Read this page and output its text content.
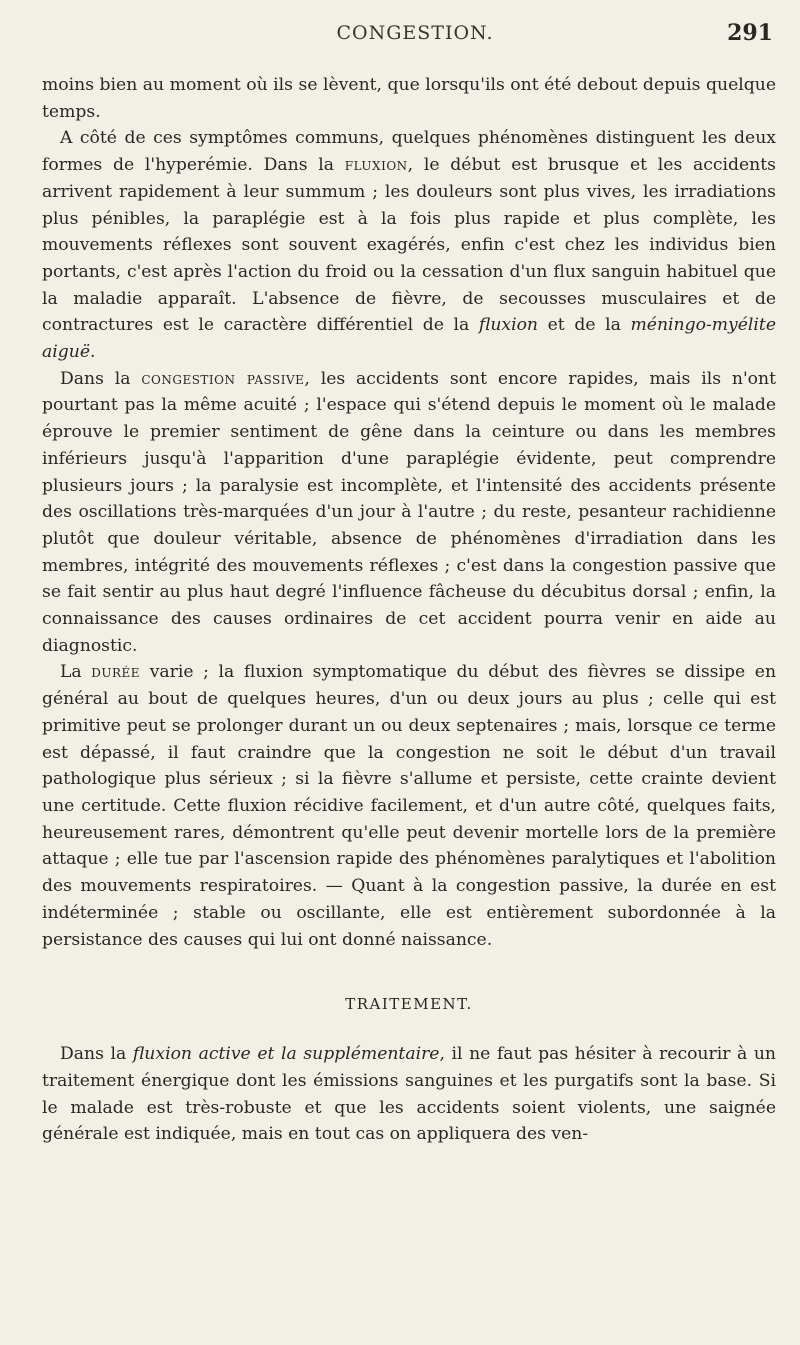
CONGESTION.	291

moins bien au moment où ils se lèvent, que lorsqu'ils ont été debout depuis quelque temps.

A côté de ces symptômes communs, quelques phénomènes distinguent les deux formes de l'hyperémie. Dans la fluxion, le début est brusque et les accidents arrivent rapidement à leur summum ; les douleurs sont plus vives, les irradiations plus pénibles, la paraplégie est à la fois plus rapide et plus complète, les mouvements réflexes sont souvent exagérés, enfin c'est chez les individus bien portants, c'est après l'action du froid ou la cessation d'un flux sanguin habituel que la maladie apparaît. L'absence de fièvre, de secousses musculaires et de contractures est le caractère différentiel de la fluxion et de la méningo-myélite aiguë.

Dans la congestion passive, les accidents sont encore rapides, mais ils n'ont pourtant pas la même acuité ; l'espace qui s'étend depuis le moment où le malade éprouve le premier sentiment de gêne dans la ceinture ou dans les membres inférieurs jusqu'à l'apparition d'une paraplégie évidente, peut comprendre plusieurs jours ; la paralysie est incomplète, et l'intensité des accidents présente des oscillations très-marquées d'un jour à l'autre ; du reste, pesanteur rachidienne plutôt que douleur véritable, absence de phénomènes d'irradiation dans les membres, intégrité des mouvements réflexes ; c'est dans la congestion passive que se fait sentir au plus haut degré l'influence fâcheuse du décubitus dorsal ; enfin, la connaissance des causes ordinaires de cet accident pourra venir en aide au diagnostic.

La durée varie ; la fluxion symptomatique du début des fièvres se dissipe en général au bout de quelques heures, d'un ou deux jours au plus ; celle qui est primitive peut se prolonger durant un ou deux septenaires ; mais, lorsque ce terme est dépassé, il faut craindre que la congestion ne soit le début d'un travail pathologique plus sérieux ; si la fièvre s'allume et persiste, cette crainte devient une certitude. Cette fluxion récidive facilement, et d'un autre côté, quelques faits, heureusement rares, démontrent qu'elle peut devenir mortelle lors de la première attaque ; elle tue par l'ascension rapide des phénomènes paralytiques et l'abolition des mouvements respiratoires. — Quant à la congestion passive, la durée en est indéterminée ; stable ou oscillante, elle est entièrement subordonnée à la persistance des causes qui lui ont donné naissance.

TRAITEMENT.

Dans la fluxion active et la supplémentaire, il ne faut pas hésiter à recourir à un traitement énergique dont les émissions sanguines et les purgatifs sont la base. Si le malade est très-robuste et que les accidents soient violents, une saignée générale est indiquée, mais en tout cas on appliquera des ven-
